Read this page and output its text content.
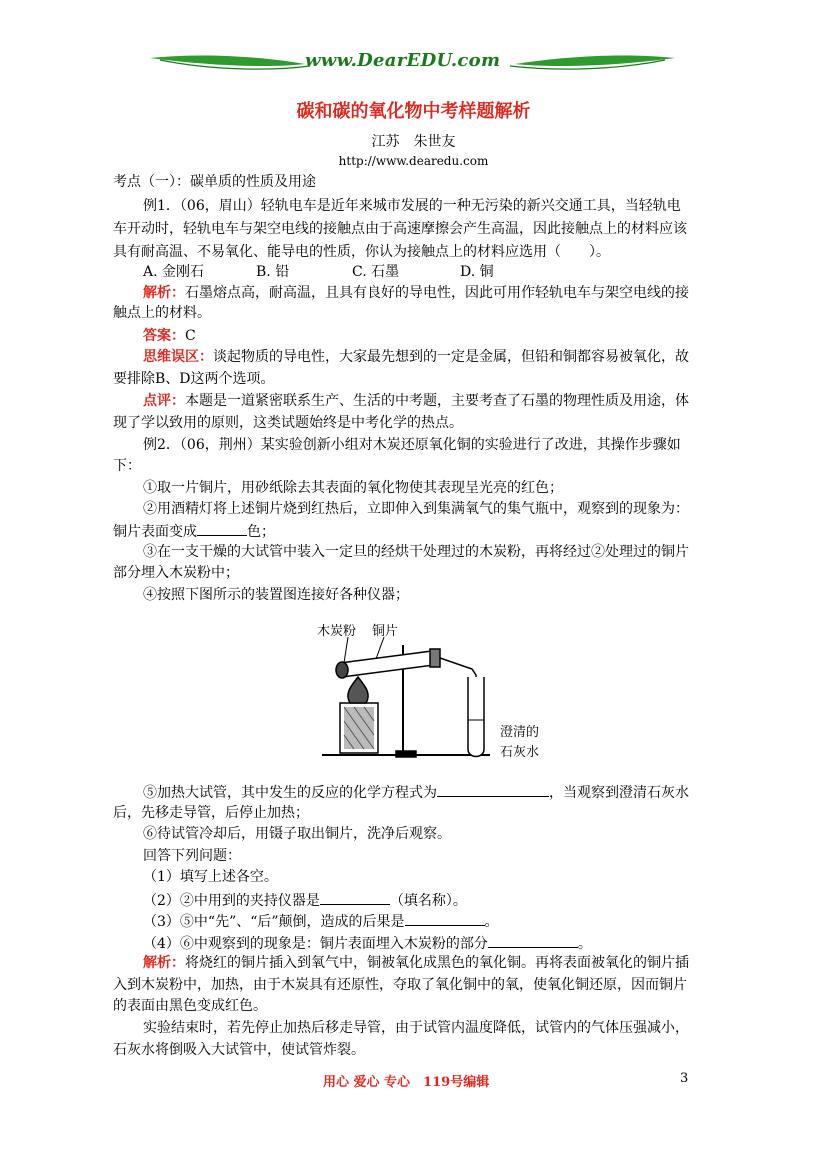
www.DearEDU.com
碳和碳的氧化物中考样题解析
江苏　朱世友
http://www.dearedu.com
考点（一）：碳单质的性质及用途
例1．（06，眉山）轻轨电车是近年来城市发展的一种无污染的新兴交通工具，当轻轨电
车开动时，轻轨电车与架空电线的接触点由于高速摩擦会产生高温，因此接触点上的材料应该
具有耐高温、不易氧化、能导电的性质，你认为接触点上的材料应选用（　　）。
A. 金刚石	B. 铅	C. 石墨	D. 铜
解析：石墨熔点高，耐高温，且具有良好的导电性，因此可用作轻轨电车与架空电线的接
触点上的材料。
答案：C
思维误区：谈起物质的导电性，大家最先想到的一定是金属，但铅和铜都容易被氧化，故
要排除B、D这两个选项。
点评：本题是一道紧密联系生产、生活的中考题，主要考查了石墨的物理性质及用途，体
现了学以致用的原则，这类试题始终是中考化学的热点。
例2．（06，荆州）某实验创新小组对木炭还原氧化铜的实验进行了改进，其操作步骤如
下：
①取一片铜片，用砂纸除去其表面的氧化物使其表现呈光亮的红色；
②用酒精灯将上述铜片烧到红热后，立即伸入到集满氧气的集气瓶中，观察到的现象为：
铜片表面变成	色；
③在一支干燥的大试管中装入一定旦的经烘干处理过的木炭粉，再将经过②处理过的铜片
部分埋入木炭粉中；
④按照下图所示的装置图连接好各种仪器；
木炭粉 铜片
澄清的
石灰水
⑤加热大试管，其中发生的反应的化学方程式为	，当观察到澄清石灰水
后，先移走导管，后停止加热；
⑥待试管冷却后，用镊子取出铜片，洗净后观察。
回答下列问题：
（1）填写上述各空。
（2）②中用到的夹持仪器是	（填名称）。
（3）⑤中“先”、“后”颠倒，造成的后果是	。
（4）⑥中观察到的现象是：铜片表面埋入木炭粉的部分	。
解析：将烧红的铜片插入到氧气中，铜被氧化成黑色的氧化铜。再将表面被氧化的铜片插
入到木炭粉中，加热，由于木炭具有还原性，夺取了氧化铜中的氧，使氧化铜还原，因而铜片
的表面由黑色变成红色。
实验结束时，若先停止加热后移走导管，由于试管内温度降低，试管内的气体压强减小，
石灰水将倒吸入大试管中，使试管炸裂。
用心 爱心 专心　119号编辑	3
